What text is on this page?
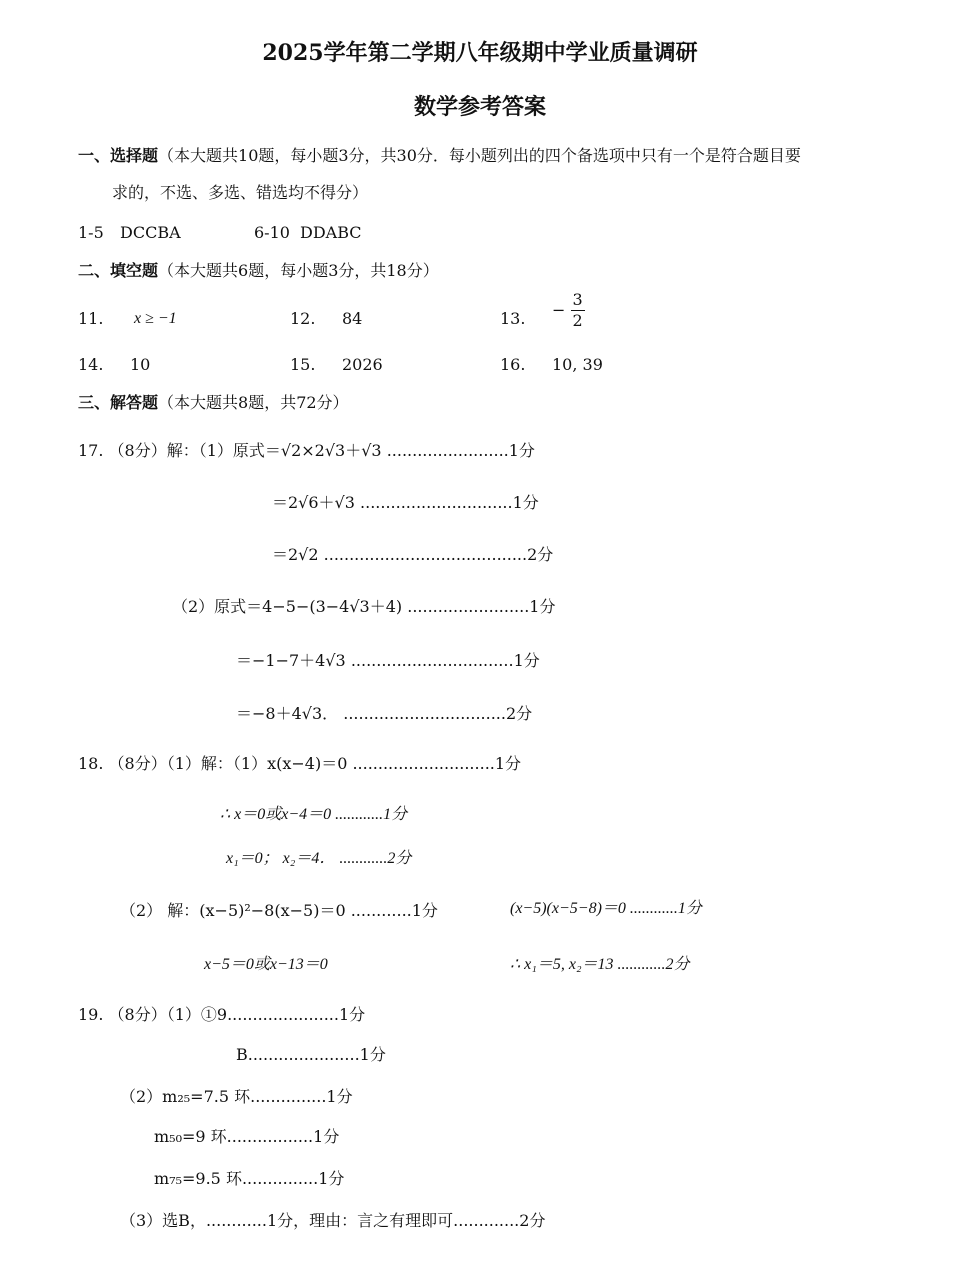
2025学年第二学期八年级期中学业质量调研
数学参考答案
一、选择题（本大题共10题，每小题3分，共30分．每小题列出的四个备选项中只有一个是符合题目要
求的，不选、多选、错选均不得分）
1-5 DCCBA	6-10 DDABC
二、填空题（本大题共6题，每小题3分，共18分）
11. x ≥ −1	12. 84	13. − $\frac{3}{2}$
14. 10	15. 2026	16. 10, 39
三、解答题（本大题共8题，共72分）
17. （8分）解：（1）原式＝√2×2√3＋√3 ........................1分
＝2√6＋√3 ..............................1分
＝2√2 ........................................2分
（2）原式＝4−5−(3−4√3＋4) ........................1分
＝−1−7＋4√3 ................................1分
＝−8＋4√3． ................................2分
18. （8分）（1）解：（1）x(x−4)＝0 ............................1分
∴ x＝0或x−4＝0 ............1分
x₁＝0； x₂＝4． ............2分
（2） 解：(x−5)²−8(x−5)＝0 ............1分	(x−5)(x−5−8)＝0 ............1分
x−5＝0或x−13＝0	∴ x₁＝5, x₂＝13 ............2分
19. （8分）（1）①9......................1分
B......................1分
（2）m₂₅=7.5 环...............1分
m₅₀=9 环.................1分
m₇₅=9.5 环...............1分
（3）选B，............1分，理由：言之有理即可.............2分
